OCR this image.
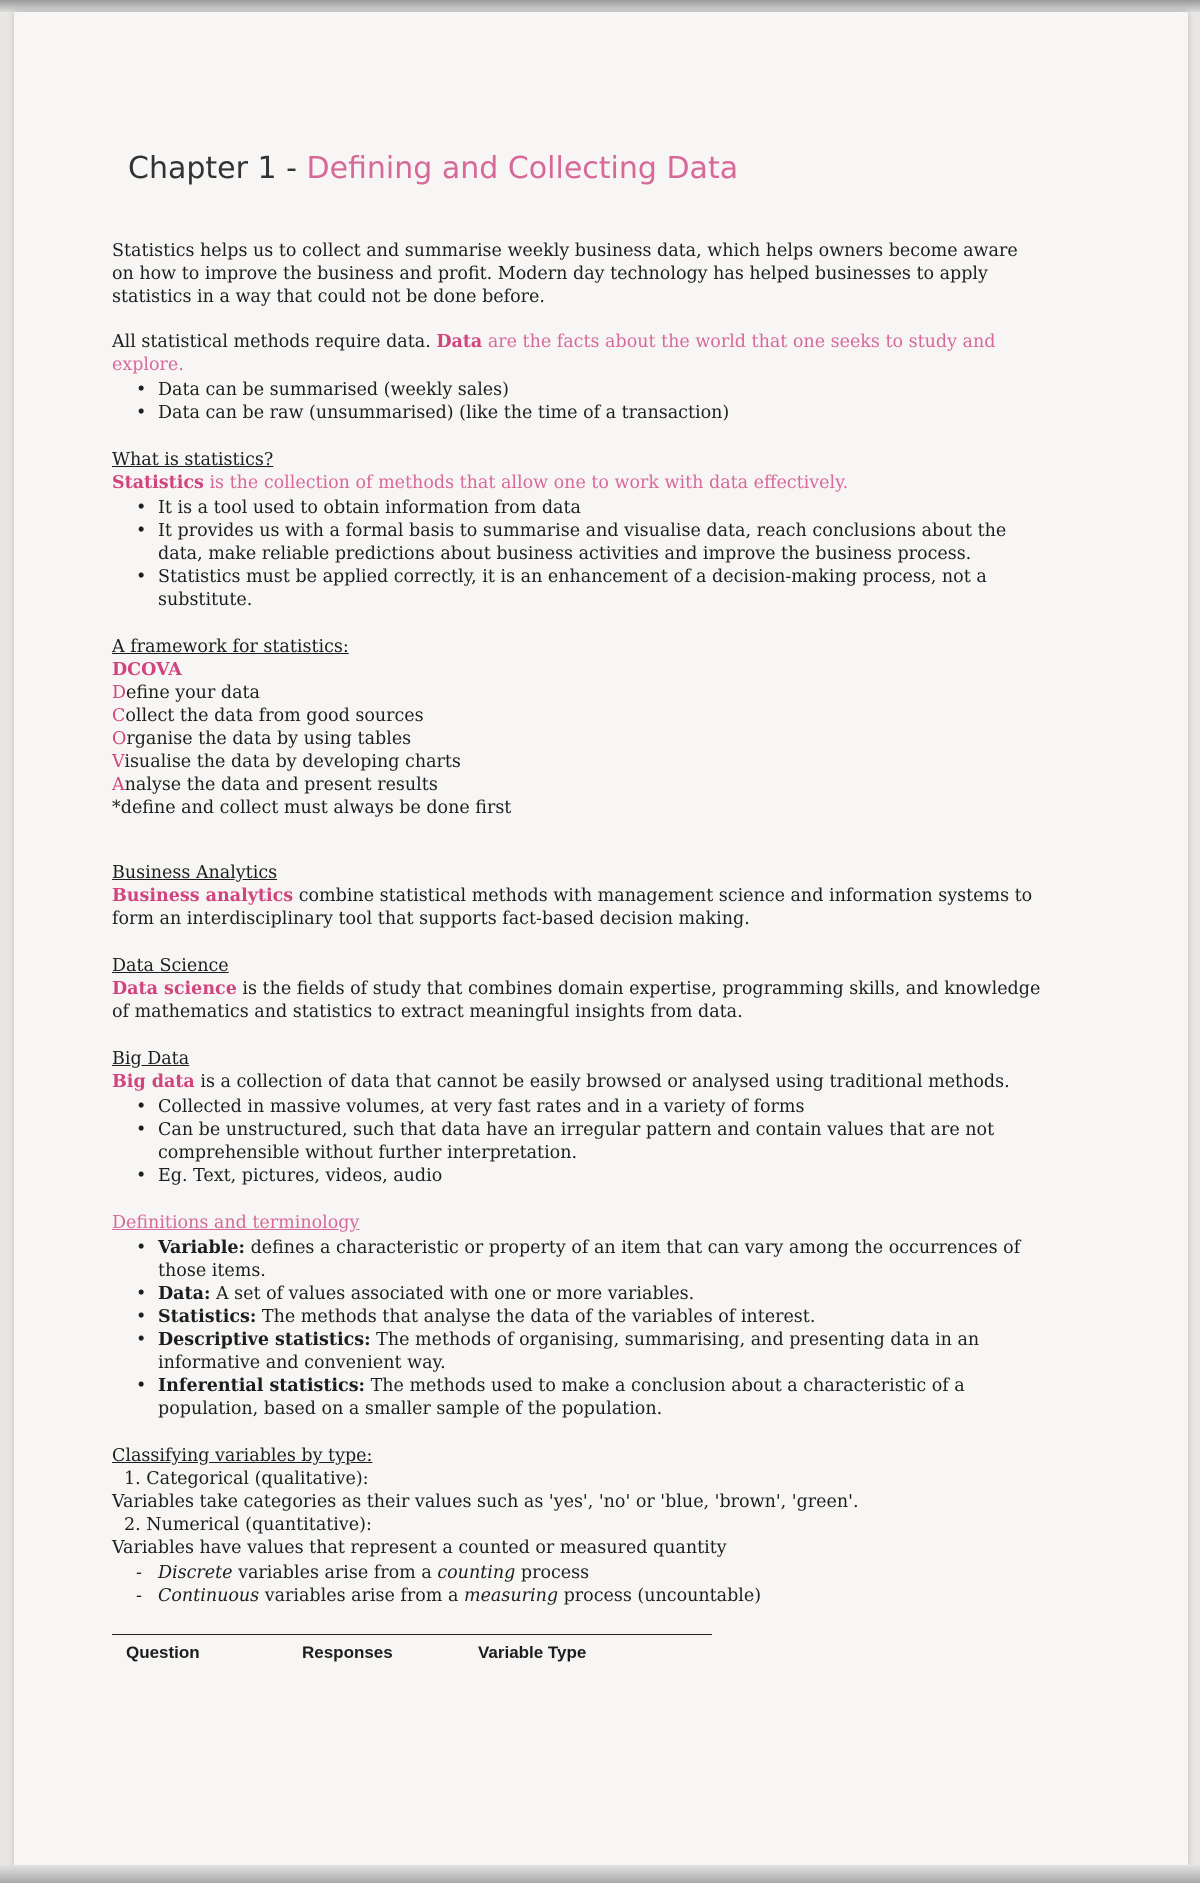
Chapter 1 - Defining and Collecting Data

Statistics helps us to collect and summarise weekly business data, which helps owners become aware on how to improve the business and profit. Modern day technology has helped businesses to apply statistics in a way that could not be done before.

All statistical methods require data. Data are the facts about the world that one seeks to study and explore.

• Data can be summarised (weekly sales)
• Data can be raw (unsummarised) (like the time of a transaction)

What is statistics?

Statistics is the collection of methods that allow one to work with data effectively.

• It is a tool used to obtain information from data
• It provides us with a formal basis to summarise and visualise data, reach conclusions about the data, make reliable predictions about business activities and improve the business process.
• Statistics must be applied correctly, it is an enhancement of a decision-making process, not a substitute.

A framework for statistics:

DCOVA

Define your data

Collect the data from good sources

Organise the data by using tables

Visualise the data by developing charts

Analyse the data and present results

*define and collect must always be done first

Business Analytics

Business analytics combine statistical methods with management science and information systems to form an interdisciplinary tool that supports fact-based decision making.

Data Science

Data science is the fields of study that combines domain expertise, programming skills, and knowledge of mathematics and statistics to extract meaningful insights from data.

Big Data

Big data is a collection of data that cannot be easily browsed or analysed using traditional methods.

• Collected in massive volumes, at very fast rates and in a variety of forms
• Can be unstructured, such that data have an irregular pattern and contain values that are not comprehensible without further interpretation.
• Eg. Text, pictures, videos, audio

Definitions and terminology

• Variable: defines a characteristic or property of an item that can vary among the occurrences of those items.
• Data: A set of values associated with one or more variables.
• Statistics: The methods that analyse the data of the variables of interest.
• Descriptive statistics: The methods of organising, summarising, and presenting data in an informative and convenient way.
• Inferential statistics: The methods used to make a conclusion about a characteristic of a population, based on a smaller sample of the population.

Classifying variables by type:

1. Categorical (qualitative):

Variables take categories as their values such as 'yes', 'no' or 'blue, 'brown', 'green'.

2. Numerical (quantitative):

Variables have values that represent a counted or measured quantity

- Discrete variables arise from a counting process
- Continuous variables arise from a measuring process (uncountable)
Question	Responses	Variable Type
